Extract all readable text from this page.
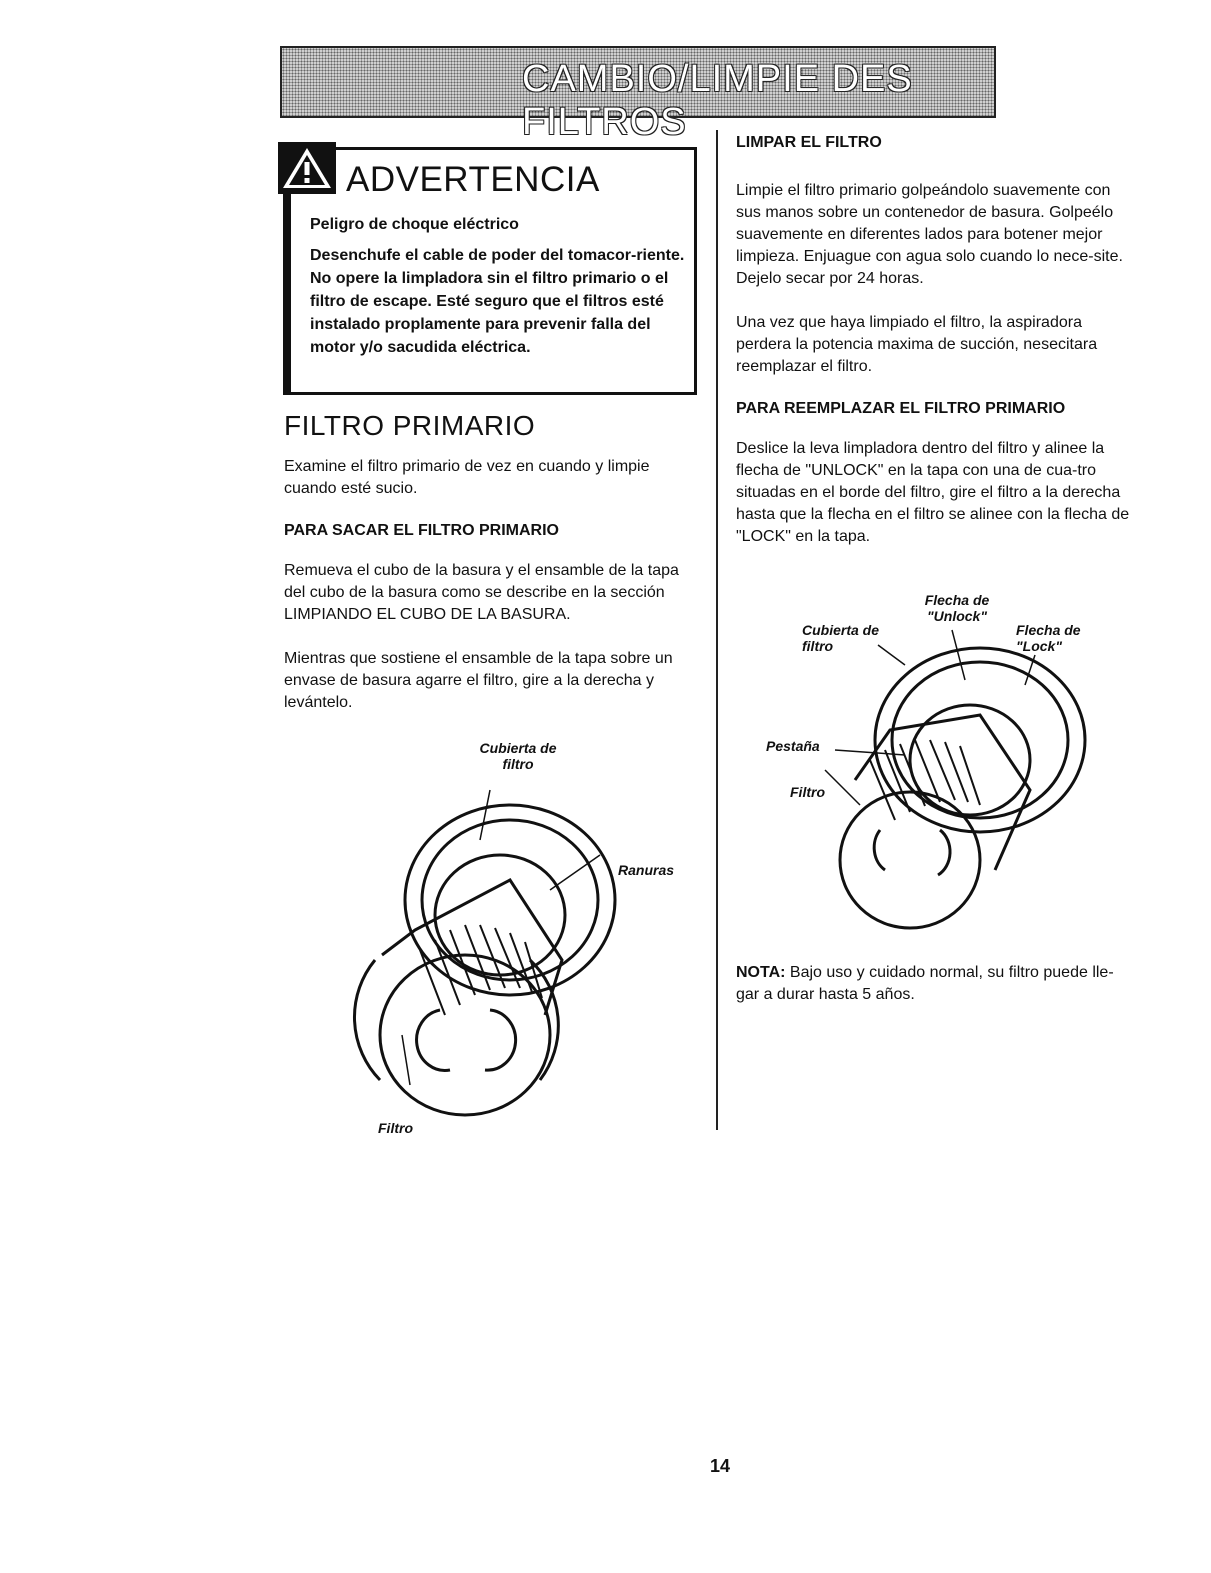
CAMBIO/LIMPIE DES FILTROS
ADVERTENCIA
Peligro de choque eléctrico
Desenchufe el cable de poder del tomacor-riente. No opere la limpladora sin el filtro primario o el filtro de escape. Esté seguro que el filtros esté instalado proplamente para prevenir falla del motor y/o sacudida eléctrica.
FILTRO PRIMARIO

Examine el filtro primario de vez en cuando y limpie cuando esté sucio.

PARA SACAR EL FILTRO PRIMARIO

Remueva el cubo de la basura y el ensamble de la tapa del cubo de la basura como se describe en la sección LIMPIANDO EL CUBO DE LA BASURA.

Mientras que sostiene el ensamble de la tapa sobre un envase de basura agarre el filtro, gire a la derecha y levántelo.

Cubierta de filtro
Ranuras
Filtro

LIMPAR EL FILTRO

Limpie el filtro primario golpeándolo suavemente con sus manos sobre un contenedor de basura. Golpeélo suavemente en diferentes lados para botener mejor limpieza. Enjuague con agua solo cuando lo nece-site. Dejelo secar por 24 horas.

Una vez que haya limpiado el filtro, la aspiradora perdera la potencia maxima de succión, nesecitara reemplazar el filtro.

PARA REEMPLAZAR EL FILTRO PRIMARIO

Deslice la leva limpladora dentro del filtro y alinee la flecha de "UNLOCK" en la tapa con una de cua-tro situadas en el borde del filtro, gire el filtro a la derecha hasta que la flecha en el filtro se alinee con la flecha de "LOCK" en la tapa.

Flecha de "Unlock"
Cubierta de filtro
Flecha de "Lock"
Pestaña
Filtro

NOTA: Bajo uso y cuidado normal, su filtro puede lle-gar a durar hasta 5 años.

14
